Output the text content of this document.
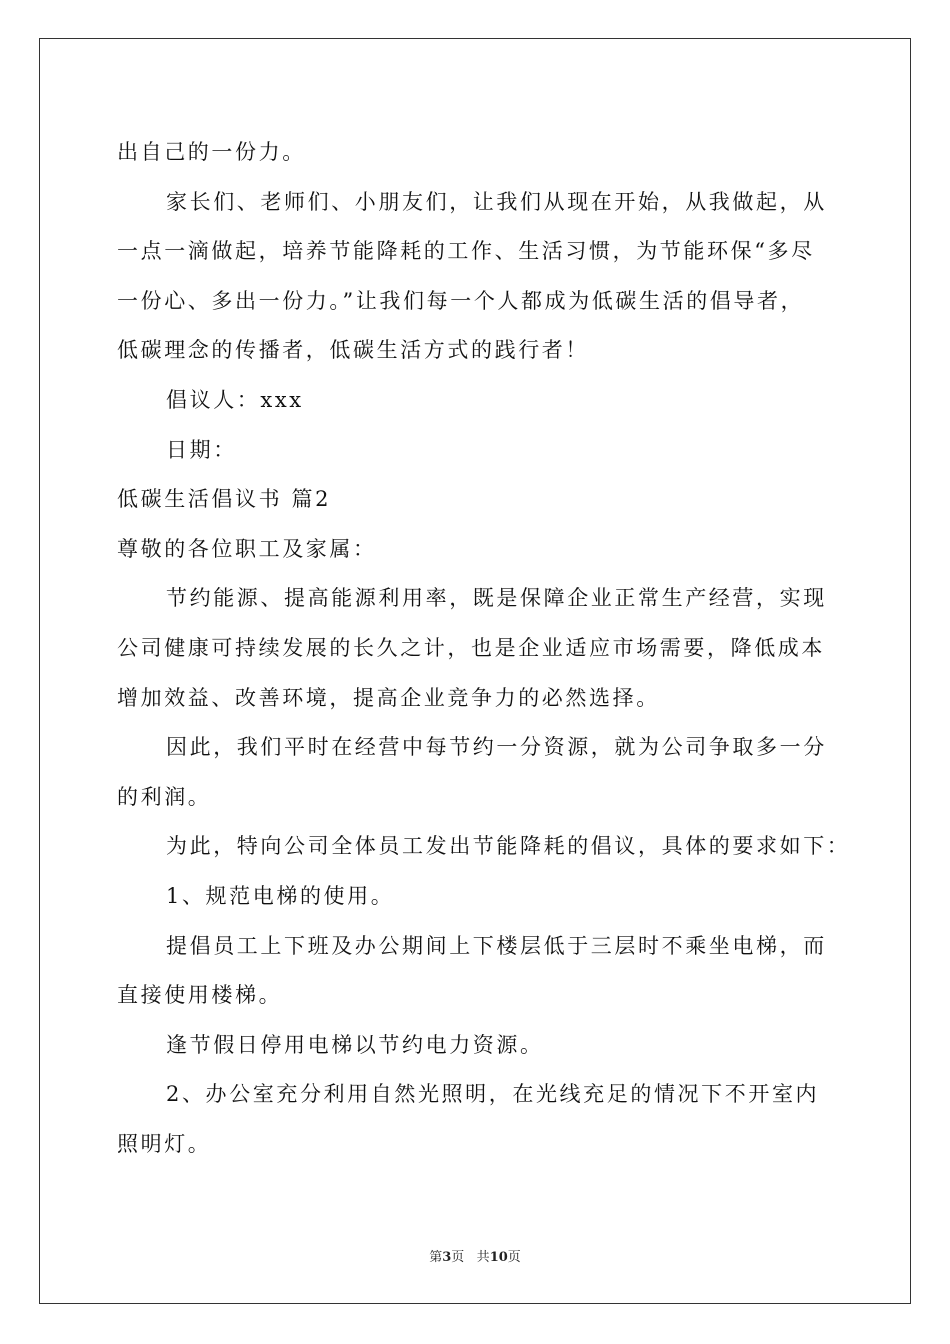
出自己的一份力。
家长们、老师们、小朋友们，让我们从现在开始，从我做起，从
一点一滴做起，培养节能降耗的工作、生活习惯，为节能环保“多尽
一份心、多出一份力。”让我们每一个人都成为低碳生活的倡导者，
低碳理念的传播者，低碳生活方式的践行者！
倡议人：xxx
日期：
低碳生活倡议书 篇2
尊敬的各位职工及家属：
节约能源、提高能源利用率，既是保障企业正常生产经营，实现
公司健康可持续发展的长久之计，也是企业适应市场需要，降低成本
增加效益、改善环境，提高企业竞争力的必然选择。
因此，我们平时在经营中每节约一分资源，就为公司争取多一分
的利润。
为此，特向公司全体员工发出节能降耗的倡议，具体的要求如下：
1、规范电梯的使用。
提倡员工上下班及办公期间上下楼层低于三层时不乘坐电梯，而
直接使用楼梯。
逢节假日停用电梯以节约电力资源。
2、办公室充分利用自然光照明，在光线充足的情况下不开室内
照明灯。
第3页 共10页
